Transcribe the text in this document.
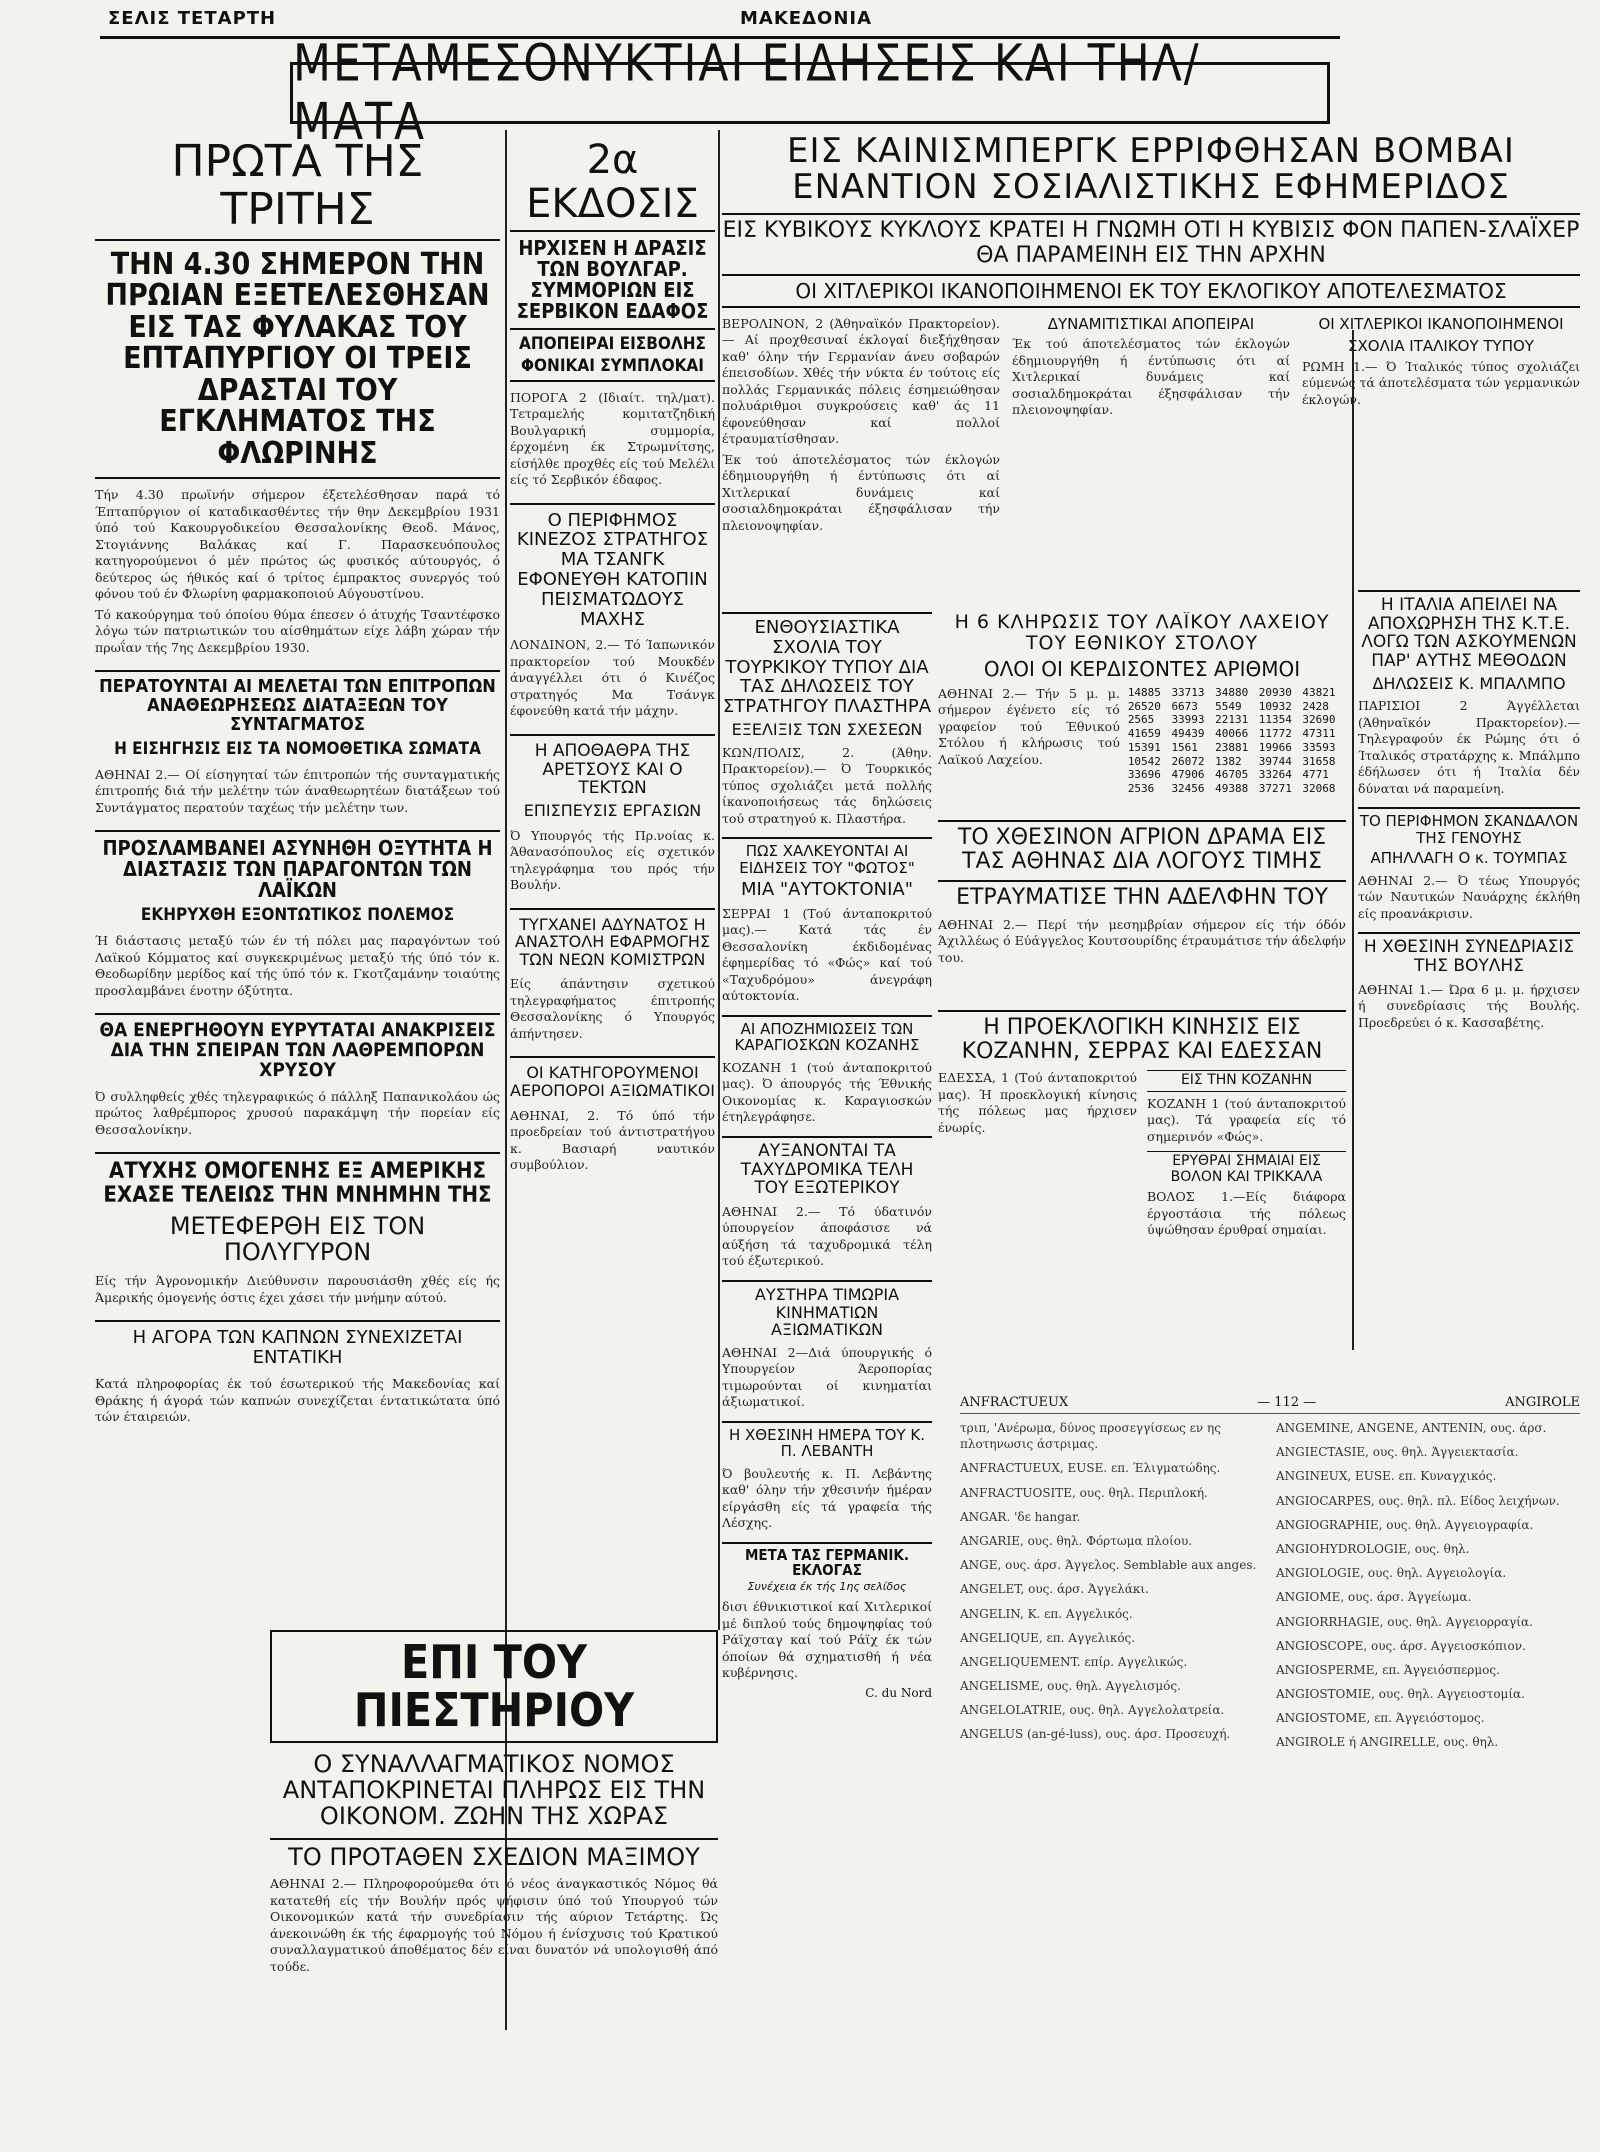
ΣΕΛΙΣ ΤΕΤΑΡΤΗ	ΜΑΚΕΔΟΝΙΑ
ΜΕΤΑΜΕΣΟΝΥΚΤΙΑΙ ΕΙΔΗΣΕΙΣ ΚΑΙ ΤΗΛ/ΜΑΤΑ
ΠΡΩΤΑ ΤΗΣ ΤΡΙΤΗΣ
ΤΗΝ 4.30 ΣΗΜΕΡΟΝ ΤΗΝ ΠΡΩΙΑΝ ΕΞΕΤΕΛΕΣΘΗΣΑΝ ΕΙΣ ΤΑΣ ΦΥΛΑΚΑΣ ΤΟΥ ΕΠΤΑΠΥΡΓΙΟΥ ΟΙ ΤΡΕΙΣ ΔΡΑΣΤΑΙ ΤΟΥ ΕΓΚΛΗΜΑΤΟΣ ΤΗΣ ΦΛΩΡΙΝΗΣ

Τήν 4.30 πρωϊνήν σήμερον έξετελέσθησαν παρά τό Έπταπύργιον οί καταδικασθέντες τήν θην Δεκεμβρίου 1931 ύπό τού Κακουργοδικείου Θεσσαλονίκης Θεοδ. Μάνος, Στογιάννης Βαλάκας καί Γ. Παρασκευόπουλος κατηγορούμενοι ό μέν πρώτος ώς φυσικός αύτουργός, ό δεύτερος ώς ήθικός καί ό τρίτος έμπρακτος συνεργός τού φόνου τού έν Φλωρίνη φαρμακοποιού Αύγουστίνου.

Τό κακούργημα τού όποίου θύμα έπεσεν ό άτυχής Τσαντέφσκο λόγω τών πατριωτικών του αίσθημάτων είχε λάβη χώραν τήν πρωΐαν τής 7ης Δεκεμβρίου 1930.

ΠΕΡΑΤΟΥΝΤΑΙ ΑΙ ΜΕΛΕΤΑΙ ΤΩΝ ΕΠΙΤΡΟΠΩΝ ΑΝΑΘΕΩΡΗΣΕΩΣ ΔΙΑΤΑΞΕΩΝ ΤΟΥ ΣΥΝΤΑΓΜΑΤΟΣ
Η ΕΙΣΗΓΗΣΙΣ ΕΙΣ ΤΑ ΝΟΜΟΘΕΤΙΚΑ ΣΩΜΑΤΑ

ΑΘΗΝΑΙ 2.— Οί είσηγηταί τών έπιτροπών τής συνταγματικής έπιτροπής διά τήν μελέτην τών άναθεωρητέων διατάξεων τού Συντάγματος περατούν ταχέως τήν μελέτην των.

ΠΡΟΣΛΑΜΒΑΝΕΙ ΑΣΥΝΗΘΗ ΟΞΥΤΗΤΑ Η ΔΙΑΣΤΑΣΙΣ ΤΩΝ ΠΑΡΑΓΟΝΤΩΝ ΤΩΝ ΛΑΪΚΩΝ
ΕΚΗΡΥΧΘΗ ΕΞΟΝΤΩΤΙΚΟΣ ΠΟΛΕΜΟΣ

Ή διάστασις μεταξύ τών έν τή πόλει μας παραγόντων τού Λαϊκού Κόμματος καί συγκεκριμένως μεταξύ τής ύπό τόν κ. Θεοδωρίδην μερίδος καί τής ύπό τόν κ. Γκοτζαμάνην τοιαύτης προσλαμβάνει ένοτην όξύτητα.

ΘΑ ΕΝΕΡΓΗΘΟΥΝ ΕΥΡΥΤΑΤΑΙ ΑΝΑΚΡΙΣΕΙΣ ΔΙΑ ΤΗΝ ΣΠΕΙΡΑΝ ΤΩΝ ΛΑΘΡΕΜΠΟΡΩΝ ΧΡΥΣΟΥ

Ό συλληφθείς χθές τηλεγραφικώς ό πάλληξ Παπανικολάου ώς πρώτος λαθρέμπορος χρυσού παρακάμψη τήν πορείαν είς Θεσσαλονίκην.

ΑΤΥΧΗΣ ΟΜΟΓΕΝΗΣ ΕΞ ΑΜΕΡΙΚΗΣ ΕΧΑΣΕ ΤΕΛΕΙΩΣ ΤΗΝ ΜΝΗΜΗΝ ΤΗΣ
ΜΕΤΕΦΕΡΘΗ ΕΙΣ ΤΟΝ ΠΟΛΥΓΥΡΟΝ

Είς τήν Άγρονομικήν Διεύθυνσιν παρουσιάσθη χθές είς ής Άμερικής όμογενής όστις έχει χάσει τήν μνήμην αύτού.

Η ΑΓΟΡΑ ΤΩΝ ΚΑΠΝΩΝ ΣΥΝΕΧΙΖΕΤΑΙ ΕΝΤΑΤΙΚΗ

Κατά πληροφορίας έκ τού έσωτερικού τής Μακεδονίας καί Θράκης ή άγορά τών καπνών συνεχίζεται έντατικώτατα ύπό τών έταιρειών.

2α ΕΚΔΟΣΙΣ
ΗΡΧΙΣΕΝ Η ΔΡΑΣΙΣ ΤΩΝ ΒΟΥΛΓΑΡ. ΣΥΜΜΟΡΙΩΝ ΕΙΣ ΣΕΡΒΙΚΟΝ ΕΔΑΦΟΣ
ΑΠΟΠΕΙΡΑΙ ΕΙΣΒΟΛΗΣ
ΦΟΝΙΚΑΙ ΣΥΜΠΛΟΚΑΙ

ΠΟΡΟΓΑ 2 (Ιδιαίτ. τηλ/ματ). Τετραμελής κομιτατζηδική Βουλγαρική συμμορία, έρχομένη έκ Στρωμνίτσης, είσήλθε προχθές είς τού Μελέλι είς τό Σερβικόν έδαφος.

Ο ΠΕΡΙΦΗΜΟΣ ΚΙΝΕΖΟΣ ΣΤΡΑΤΗΓΟΣ ΜΑ ΤΣΑΝΓΚ ΕΦΟΝΕΥΘΗ ΚΑΤΟΠΙΝ ΠΕΙΣΜΑΤΩΔΟΥΣ ΜΑΧΗΣ

ΛΟΝΔΙΝΟΝ, 2.— Τό Ίαπωνικόν πρακτορείον τού Μουκδέν άναγγέλλει ότι ό Κινέζος στρατηγός Μα Τσάνγκ έφονεύθη κατά τήν μάχην.

Η ΑΠΟΘΑΘΡΑ ΤΗΣ ΑΡΕΤΣΟΥΣ ΚΑΙ Ο ΤΕΚΤΩΝ
ΕΠΙΣΠΕΥΣΙΣ ΕΡΓΑΣΙΩΝ

Ό Υπουργός τής Πρ.νοίας κ. Άθανασόπουλος είς σχετικόν τηλεγράφημα του πρός τήν Βουλήν.

ΤΥΓΧΑΝΕΙ ΑΔΥΝΑΤΟΣ Η ΑΝΑΣΤΟΛΗ ΕΦΑΡΜΟΓΗΣ ΤΩΝ ΝΕΩΝ ΚΟΜΙΣΤΡΩΝ

Είς άπάντησιν σχετικού τηλεγραφήματος έπιτροπής Θεσσαλονίκης ό Υπουργός άπήντησεν.

ΟΙ ΚΑΤΗΓΟΡΟΥΜΕΝΟΙ ΑΕΡΟΠΟΡΟΙ ΑΞΙΩΜΑΤΙΚΟΙ

ΑΘΗΝΑΙ, 2. Τό ύπό τήν προεδρείαν τού άντιστρατήγου κ. Βασιαρή ναυτικόν συμβούλιον.

ΕΙΣ ΚΑΙΝΙΣΜΠΕΡΓΚ ΕΡΡΙΦΘΗΣΑΝ ΒΟΜΒΑΙ ΕΝΑΝΤΙΟΝ ΣΟΣΙΑΛΙΣΤΙΚΗΣ ΕΦΗΜΕΡΙΔΟΣ
ΕΙΣ ΚΥΒΙΚΟΥΣ ΚΥΚΛΟΥΣ ΚΡΑΤΕΙ Η ΓΝΩΜΗ ΟΤΙ Η ΚΥΒΙΣΙΣ ΦΟΝ ΠΑΠΕΝ-ΣΛΑΪΧΕΡ ΘΑ ΠΑΡΑΜΕΙΝΗ ΕΙΣ ΤΗΝ ΑΡΧΗΝ
ΟΙ ΧΙΤΛΕΡΙΚΟΙ ΙΚΑΝΟΠΟΙΗΜΕΝΟΙ ΕΚ ΤΟΥ ΕΚΛΟΓΙΚΟΥ ΑΠΟΤΕΛΕΣΜΑΤΟΣ

ΒΕΡΟΛΙΝΟΝ, 2 (Άθηναϊκόν Πρακτορείον).— Αί προχθεσιναί έκλογαί διεξήχθησαν καθ' όλην τήν Γερμανίαν άνευ σοβαρών έπεισοδίων. Χθές τήν νύκτα έν τούτοις είς πολλάς Γερμανικάς πόλεις έσημειώθησαν πολυάριθμοι συγκρούσεις καθ' άς 11 έφονεύθησαν καί πολλοί έτραυματίσθησαν.

Έκ τού άποτελέσματος τών έκλογών έδημιουργήθη ή έντύπωσις ότι αί Χιτλερικαί δυνάμεις καί σοσιαλδημοκράται έξησφάλισαν τήν πλειονοψηφίαν.

ΔΥΝΑΜΙΤΙΣΤΙΚΑΙ ΑΠΟΠΕΙΡΑΙ

Έκ τού άποτελέσματος τών έκλογών έδημιουργήθη ή έντύπωσις ότι αί Χιτλερικαί δυνάμεις καί σοσιαλδημοκράται έξησφάλισαν τήν πλειονοψηφίαν.

ΟΙ ΧΙΤΛΕΡΙΚΟΙ ΙΚΑΝΟΠΟΙΗΜΕΝΟΙ
ΣΧΟΛΙΑ ΙΤΑΛΙΚΟΥ ΤΥΠΟΥ

ΡΩΜΗ 1.— Ό Ίταλικός τύπος σχολιάζει εύμενώς τά άποτελέσματα τών γερμανικών έκλογών.

ΕΝΘΟΥΣΙΑΣΤΙΚΑ ΣΧΟΛΙΑ ΤΟΥ ΤΟΥΡΚΙΚΟΥ ΤΥΠΟΥ ΔΙΑ ΤΑΣ ΔΗΛΩΣΕΙΣ ΤΟΥ ΣΤΡΑΤΗΓΟΥ ΠΛΑΣΤΗΡΑ
ΕΞΕΛΙΞΙΣ ΤΩΝ ΣΧΕΣΕΩΝ

ΚΩΝ/ΠΟΛΙΣ, 2. (Άθην. Πρακτορείον).— Ό Τουρκικός τύπος σχολιάζει μετά πολλής ίκανοποιήσεως τάς δηλώσεις τού στρατηγού κ. Πλαστήρα.

ΠΩΣ ΧΑΛΚΕΥΟΝΤΑΙ ΑΙ ΕΙΔΗΣΕΙΣ ΤΟΥ "ΦΩΤΟΣ"
ΜΙΑ "ΑΥΤΟΚΤΟΝΙΑ"

ΣΕΡΡΑΙ 1 (Τού άνταποκριτού μας).— Κατά τάς έν Θεσσαλονίκη έκδιδομένας έφημερίδας τό «Φώς» καί τού «Ταχυδρόμου» άνεγράφη αύτοκτονία.

ΑΙ ΑΠΟΖΗΜΙΩΣΕΙΣ ΤΩΝ ΚΑΡΑΓΙΟΣΚΩΝ ΚΟΖΑΝΗΣ

ΚΟΖΑΝΗ 1 (τού άνταποκριτού μας). Ό άπουργός τής Έθνικής Οικονομίας κ. Καραγιοσκών έτηλεγράφησε.

ΑΥΞΑΝΟΝΤΑΙ ΤΑ ΤΑΧΥΔΡΟΜΙΚΑ ΤΕΛΗ ΤΟΥ ΕΞΩΤΕΡΙΚΟΥ

ΑΘΗΝΑΙ 2.— Τό ύδατινόν ύπουργείον άποφάσισε νά αύξήση τά ταχυδρομικά τέλη τού έξωτερικού.

ΑΥΣΤΗΡΑ ΤΙΜΩΡΙΑ ΚΙΝΗΜΑΤΙΩΝ ΑΞΙΩΜΑΤΙΚΩΝ

ΑΘΗΝΑΙ 2—Διά ύπουργικής ό Υπουργείον Άεροπορίας τιμωρούνται οί κινηματίαι άξιωματικοί.

Η ΧΘΕΣΙΝΗ ΗΜΕΡΑ ΤΟΥ Κ. Π. ΛΕΒΑΝΤΗ

Ό βουλευτής κ. Π. Λεβάντης καθ' όλην τήν χθεσινήν ήμέραν είργάσθη είς τά γραφεία τής Λέσχης.

ΜΕΤΑ ΤΑΣ ΓΕΡΜΑΝΙΚ. ΕΚΛΟΓΑΣ
Συνέχεια έκ τής 1ης σελίδος

δισι έθνικιστικοί καί Χιτλερικοί μέ διπλού τούς δημοψηφίας τού Ράϊχσταγ καί τού Ράϊχ έκ τών όποίων θά σχηματισθή ή νέα κυβέρνησις.

C. du Nord
Η 6 ΚΛΗΡΩΣΙΣ ΤΟΥ ΛΑΪΚΟΥ ΛΑΧΕΙΟΥ ΤΟΥ ΕΘΝΙΚΟΥ ΣΤΟΛΟΥ
ΟΛΟΙ ΟΙ ΚΕΡΔΙΣΟΝΤΕΣ ΑΡΙΘΜΟΙ

ΑΘΗΝΑΙ 2.— Τήν 5 μ. μ. σήμερον έγένετο είς τό γραφείον τού Έθνικού Στόλου ή κλήρωσις τού Λαϊκού Λαχείου.

14885 33713 34880 20930 43821
26520 6673	5549	10932 2428
2565	33993 22131 11354 32690
41659 49439 40066 11772 47311
15391 1561	23881 19966 33593
10542 26072 1382	39744 31658
33696 47906 46705 33264 4771
2536	32456 49388 37271 32068
ΤΟ ΧΘΕΣΙΝΟΝ ΑΓΡΙΟΝ ΔΡΑΜΑ ΕΙΣ ΤΑΣ ΑΘΗΝΑΣ ΔΙΑ ΛΟΓΟΥΣ ΤΙΜΗΣ
ΕΤΡΑΥΜΑΤΙΣΕ ΤΗΝ ΑΔΕΛΦΗΝ ΤΟΥ

ΑΘΗΝΑΙ 2.— Περί τήν μεσημβρίαν σήμερον είς τήν όδόν Άχιλλέως ό Εύάγγελος Κουτσουρίδης έτραυμάτισε τήν άδελφήν του.

Η ΙΤΑΛΙΑ ΑΠΕΙΛΕΙ ΝΑ ΑΠΟΧΩΡΗΣΗ ΤΗΣ Κ.Τ.Ε. ΛΟΓΩ ΤΩΝ ΑΣΚΟΥΜΕΝΩΝ ΠΑΡ' ΑΥΤΗΣ ΜΕΘΟΔΩΝ
ΔΗΛΩΣΕΙΣ Κ. ΜΠΑΛΜΠΟ

ΠΑΡΙΣΙΟΙ 2 Άγγέλλεται (Άθηναϊκόν Πρακτορείον).—Τηλεγραφούν έκ Ρώμης ότι ό Ίταλικός στρατάρχης κ. Μπάλμπο έδήλωσεν ότι ή Ίταλία δέν δύναται νά παραμείνη.

ΤΟ ΠΕΡΙΦΗΜΟΝ ΣΚΑΝΔΑΛΟΝ ΤΗΣ ΓΕΝΟΥΗΣ
ΑΠΗΛΛΑΓΗ Ο κ. ΤΟΥΜΠΑΣ

ΑΘΗΝΑΙ 2.— Ό τέως Υπουργός τών Ναυτικών Ναυάρχης έκλήθη είς προανάκρισιν.

Η ΧΘΕΣΙΝΗ ΣΥΝΕΔΡΙΑΣΙΣ ΤΗΣ ΒΟΥΛΗΣ

ΑΘΗΝΑΙ 1.— Ώρα 6 μ. μ. ήρχισεν ή συνεδρίασις τής Βουλής. Προεδρεύει ό κ. Κασσαβέτης.

Η ΠΡΟΕΚΛΟΓΙΚΗ ΚΙΝΗΣΙΣ ΕΙΣ ΚΟΖΑΝΗΝ, ΣΕΡΡΑΣ ΚΑΙ ΕΔΕΣΣΑΝ

ΕΔΕΣΣΑ, 1 (Τού άνταποκριτού μας). Ή προεκλογική κίνησις τής πόλεως μας ήρχισεν ένωρίς.

ΕΙΣ ΤΗΝ ΚΟΖΑΝΗΝ

ΚΟΖΑΝΗ 1 (τού άνταποκριτού μας). Τά γραφεία είς τό σημερινόν «Φώς».

ΕΡΥΘΡΑΙ ΣΗΜΑΙΑΙ ΕΙΣ ΒΟΛΟΝ ΚΑΙ ΤΡΙΚΚΑΛΑ

ΒΟΛΟΣ 1.—Είς διάφορα έργοστάσια τής πόλεως ύψώθησαν έρυθραί σημαίαι.

ΕΠΙ ΤΟΥ ΠΙΕΣΤΗΡΙΟΥ
Ο ΣΥΝΑΛΛΑΓΜΑΤΙΚΟΣ ΝΟΜΟΣ ΑΝΤΑΠΟΚΡΙΝΕΤΑΙ ΠΛΗΡΩΣ ΕΙΣ ΤΗΝ ΟΙΚΟΝΟΜ. ΖΩΗΝ ΤΗΣ ΧΩΡΑΣ
ΤΟ ΠΡΟΤΑΘΕΝ ΣΧΕΔΙΟΝ ΜΑΞΙΜΟΥ

ΑΘΗΝΑΙ 2.— Πληροφορούμεθα ότι ό νέος άναγκαστικός Νόμος θά κατατεθή είς τήν Βουλήν πρός ψήφισιν ύπό τού Υπουργού τών Οικονομικών κατά τήν συνεδρίασιν τής αύριον Τετάρτης. Ώς άνεκοινώθη έκ τής έφαρμογής τού Νόμου ή ένίσχυσις τού Κρατικού συναλλαγματικού άποθέματος δέν είναι δυνατόν νά υπολογισθή άπό τούδε.

ANFRACTUEUX	— 112 —	ANGIROLE

τριπ, 'Ανέρωμα, δύνος προσεγγίσεως εν ης πλοτηνωσις άστριμας.

ANFRACTUEUX, EUSE. επ. Έλιγματώδης.

ANFRACTUOSITE, ους. θηλ. Περιπλοκή.

ANGAR. 'δε hangar.

ANGARIE, ους. θηλ. Φόρτωμα πλοίου.

ANGE, ους. άρσ. Άγγελος. Semblable aux anges.

ANGELET, ους. άρσ. Άγγελάκι.

ANGELIN, Κ. επ. Αγγελικός.

ANGELIQUE, επ. Αγγελικός.

ANGELIQUEMENT. επίρ. Αγγελικώς.

ANGELISME, ους. θηλ. Αγγελισμός.

ANGELOLATRIE, ους. θηλ. Αγγελολατρεία.

ANGELUS (an-gé-luss), ους. άρσ. Προσευχή.

ANGEMINE, ANGENE, ANTENIN, ους. άρσ.

ANGIECTASIE, ους. θηλ. Άγγειεκτασία.

ANGINEUX, EUSE. επ. Κυναγχικός.

ANGIOCARPES, ους. θηλ. πλ. Είδος λειχήνων.

ANGIOGRAPHIE, ους. θηλ. Αγγειογραφία.

ANGIOHYDROLOGIE, ους. θηλ.

ANGIOLOGIE, ους. θηλ. Αγγειολογία.

ANGIOME, ους. άρσ. Άγγείωμα.

ANGIORRHAGIE, ους. θηλ. Αγγειορραγία.

ANGIOSCOPE, ους. άρσ. Αγγειοσκόπιον.

ANGIOSPERME, επ. Άγγειόσπερμος.

ANGIOSTOMIE, ους. θηλ. Αγγειοστομία.

ANGIOSTOME, επ. Άγγειόστομος.

ANGIROLE ή ANGIRELLE, ους. θηλ.
